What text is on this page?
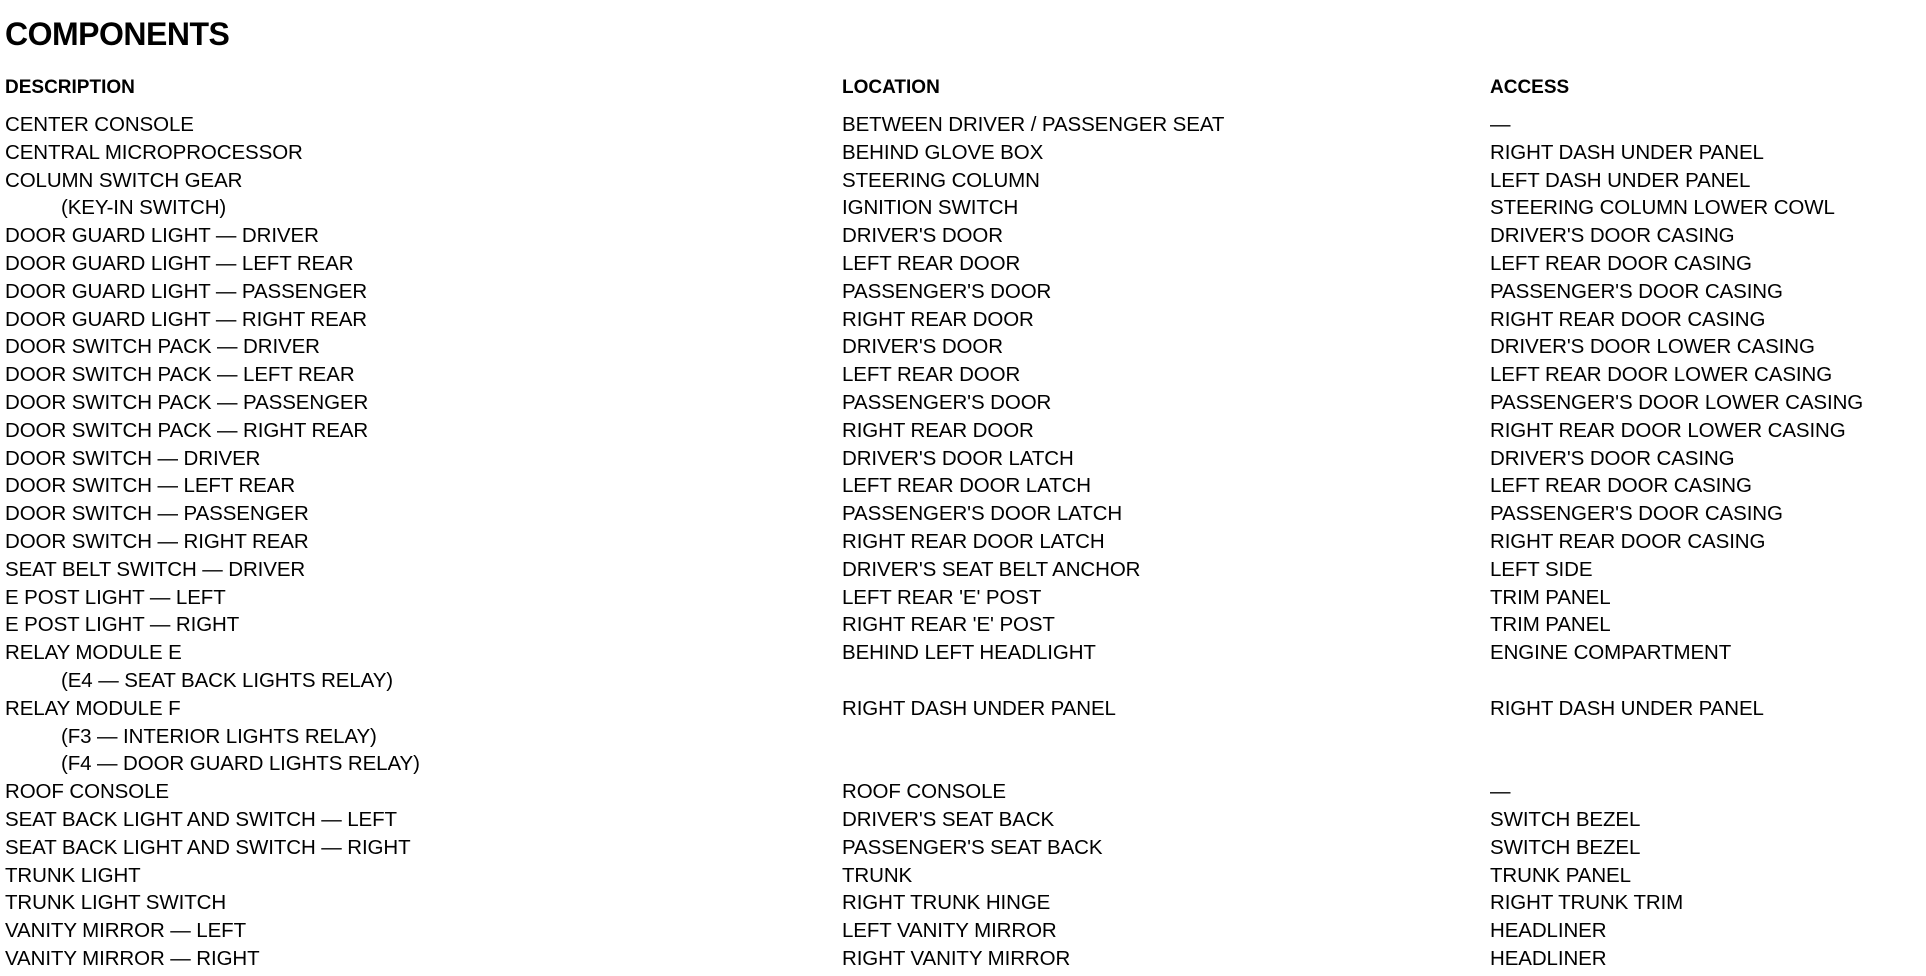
COMPONENTS
DESCRIPTION	LOCATION	ACCESS
CENTER CONSOLE
CENTRAL MICROPROCESSOR
COLUMN SWITCH GEAR
(KEY-IN SWITCH)
DOOR GUARD LIGHT — DRIVER
DOOR GUARD LIGHT — LEFT REAR
DOOR GUARD LIGHT — PASSENGER
DOOR GUARD LIGHT — RIGHT REAR
DOOR SWITCH PACK — DRIVER
DOOR SWITCH PACK — LEFT REAR
DOOR SWITCH PACK — PASSENGER
DOOR SWITCH PACK — RIGHT REAR
DOOR SWITCH — DRIVER
DOOR SWITCH — LEFT REAR
DOOR SWITCH — PASSENGER
DOOR SWITCH — RIGHT REAR
SEAT BELT SWITCH — DRIVER
E POST LIGHT — LEFT
E POST LIGHT — RIGHT
RELAY MODULE E
(E4 — SEAT BACK LIGHTS RELAY)
RELAY MODULE F
(F3 — INTERIOR LIGHTS RELAY)
(F4 — DOOR GUARD LIGHTS RELAY)
ROOF CONSOLE
SEAT BACK LIGHT AND SWITCH — LEFT
SEAT BACK LIGHT AND SWITCH — RIGHT
TRUNK LIGHT
TRUNK LIGHT SWITCH
VANITY MIRROR — LEFT
VANITY MIRROR — RIGHT
BETWEEN DRIVER / PASSENGER SEAT
BEHIND GLOVE BOX
STEERING COLUMN
IGNITION SWITCH
DRIVER'S DOOR
LEFT REAR DOOR
PASSENGER'S DOOR
RIGHT REAR DOOR
DRIVER'S DOOR
LEFT REAR DOOR
PASSENGER'S DOOR
RIGHT REAR DOOR
DRIVER'S DOOR LATCH
LEFT REAR DOOR LATCH
PASSENGER'S DOOR LATCH
RIGHT REAR DOOR LATCH
DRIVER'S SEAT BELT ANCHOR
LEFT REAR 'E' POST
RIGHT REAR 'E' POST
BEHIND LEFT HEADLIGHT
RIGHT DASH UNDER PANEL
ROOF CONSOLE
DRIVER'S SEAT BACK
PASSENGER'S SEAT BACK
TRUNK
RIGHT TRUNK HINGE
LEFT VANITY MIRROR
RIGHT VANITY MIRROR
—
RIGHT DASH UNDER PANEL
LEFT DASH UNDER PANEL
STEERING COLUMN LOWER COWL
DRIVER'S DOOR CASING
LEFT REAR DOOR CASING
PASSENGER'S DOOR CASING
RIGHT REAR DOOR CASING
DRIVER'S DOOR LOWER CASING
LEFT REAR DOOR LOWER CASING
PASSENGER'S DOOR LOWER CASING
RIGHT REAR DOOR LOWER CASING
DRIVER'S DOOR CASING
LEFT REAR DOOR CASING
PASSENGER'S DOOR CASING
RIGHT REAR DOOR CASING
LEFT SIDE
TRIM PANEL
TRIM PANEL
ENGINE COMPARTMENT
RIGHT DASH UNDER PANEL
—
SWITCH BEZEL
SWITCH BEZEL
TRUNK PANEL
RIGHT TRUNK TRIM
HEADLINER
HEADLINER
